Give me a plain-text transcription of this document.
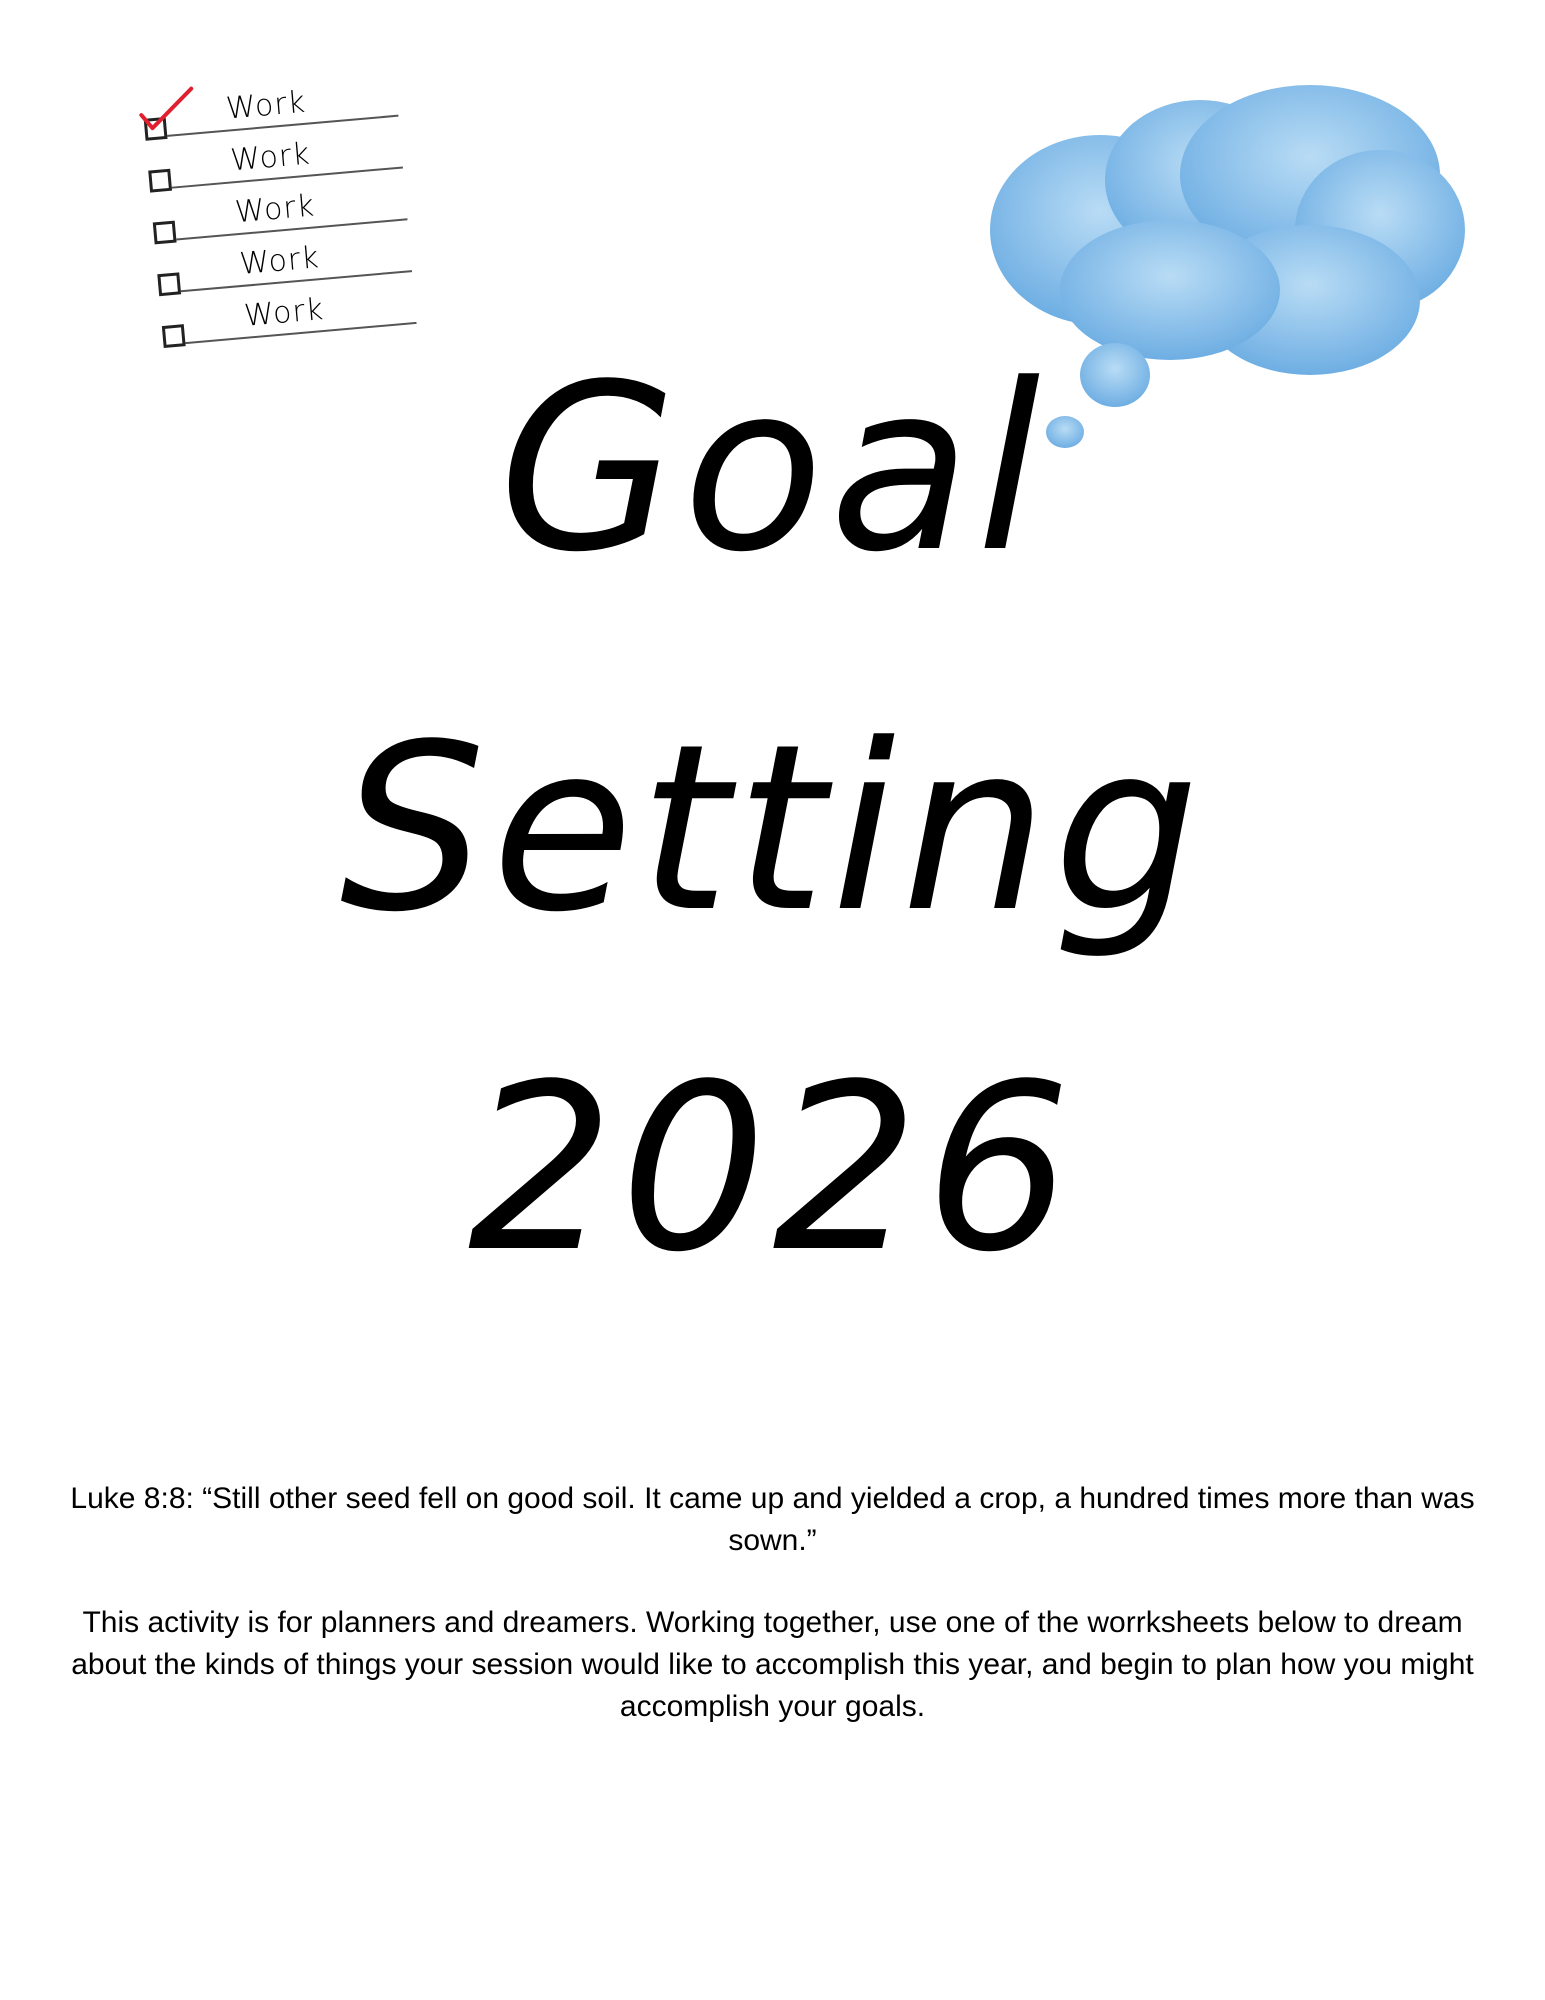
Work
Work
Work
Work
Work
Goal
Setting
2026
Luke 8:8: “Still other seed fell on good soil. It came up and yielded a crop, a hundred times more than was sown.”
This activity is for planners and dreamers. Working together, use one of the worrksheets below to dream about the kinds of things your session would like to accomplish this year, and begin to plan how you might accomplish your goals.
